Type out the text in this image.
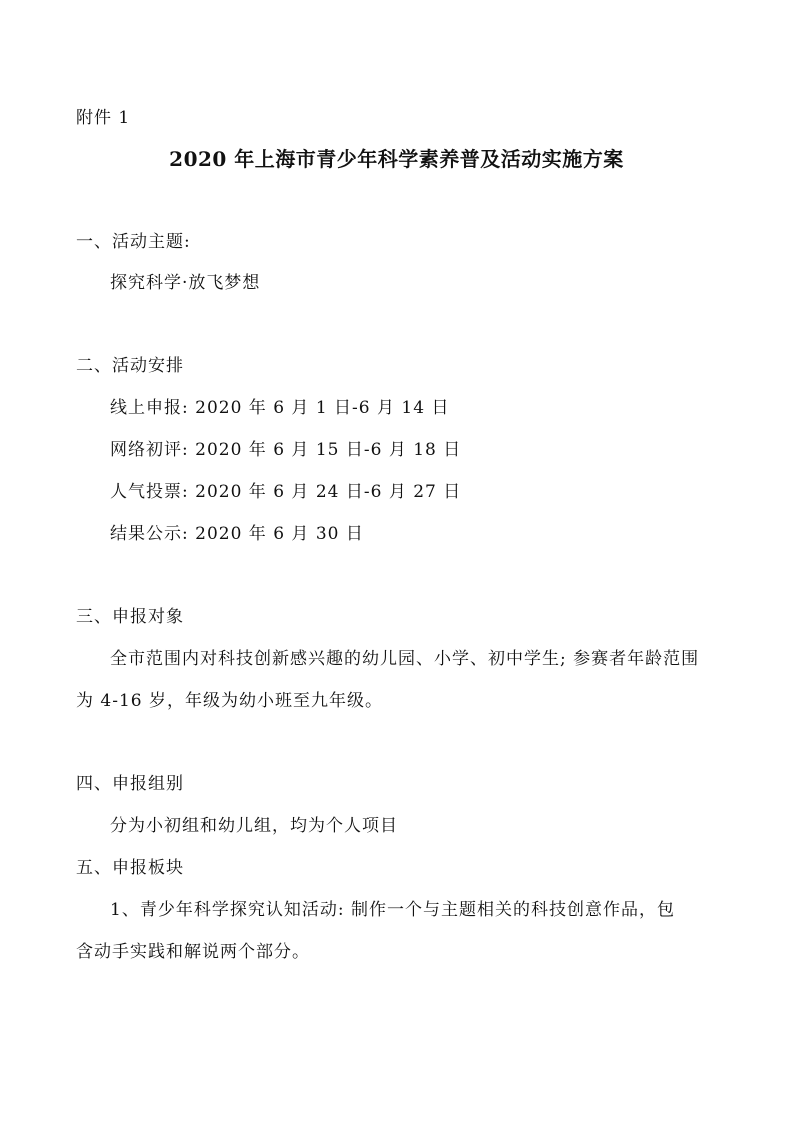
附件 1
2020 年上海市青少年科学素养普及活动实施方案
一、活动主题:
探究科学·放飞梦想
二、活动安排
线上申报: 2020 年 6 月 1 日-6 月 14 日
网络初评: 2020 年 6 月 15 日-6 月 18 日
人气投票: 2020 年 6 月 24 日-6 月 27 日
结果公示: 2020 年 6 月 30 日
三、申报对象
全市范围内对科技创新感兴趣的幼儿园、小学、初中学生; 参赛者年龄范围
为 4-16 岁，年级为幼小班至九年级。
四、申报组别
分为小初组和幼儿组，均为个人项目
五、申报板块
1、青少年科学探究认知活动: 制作一个与主题相关的科技创意作品，包
含动手实践和解说两个部分。
